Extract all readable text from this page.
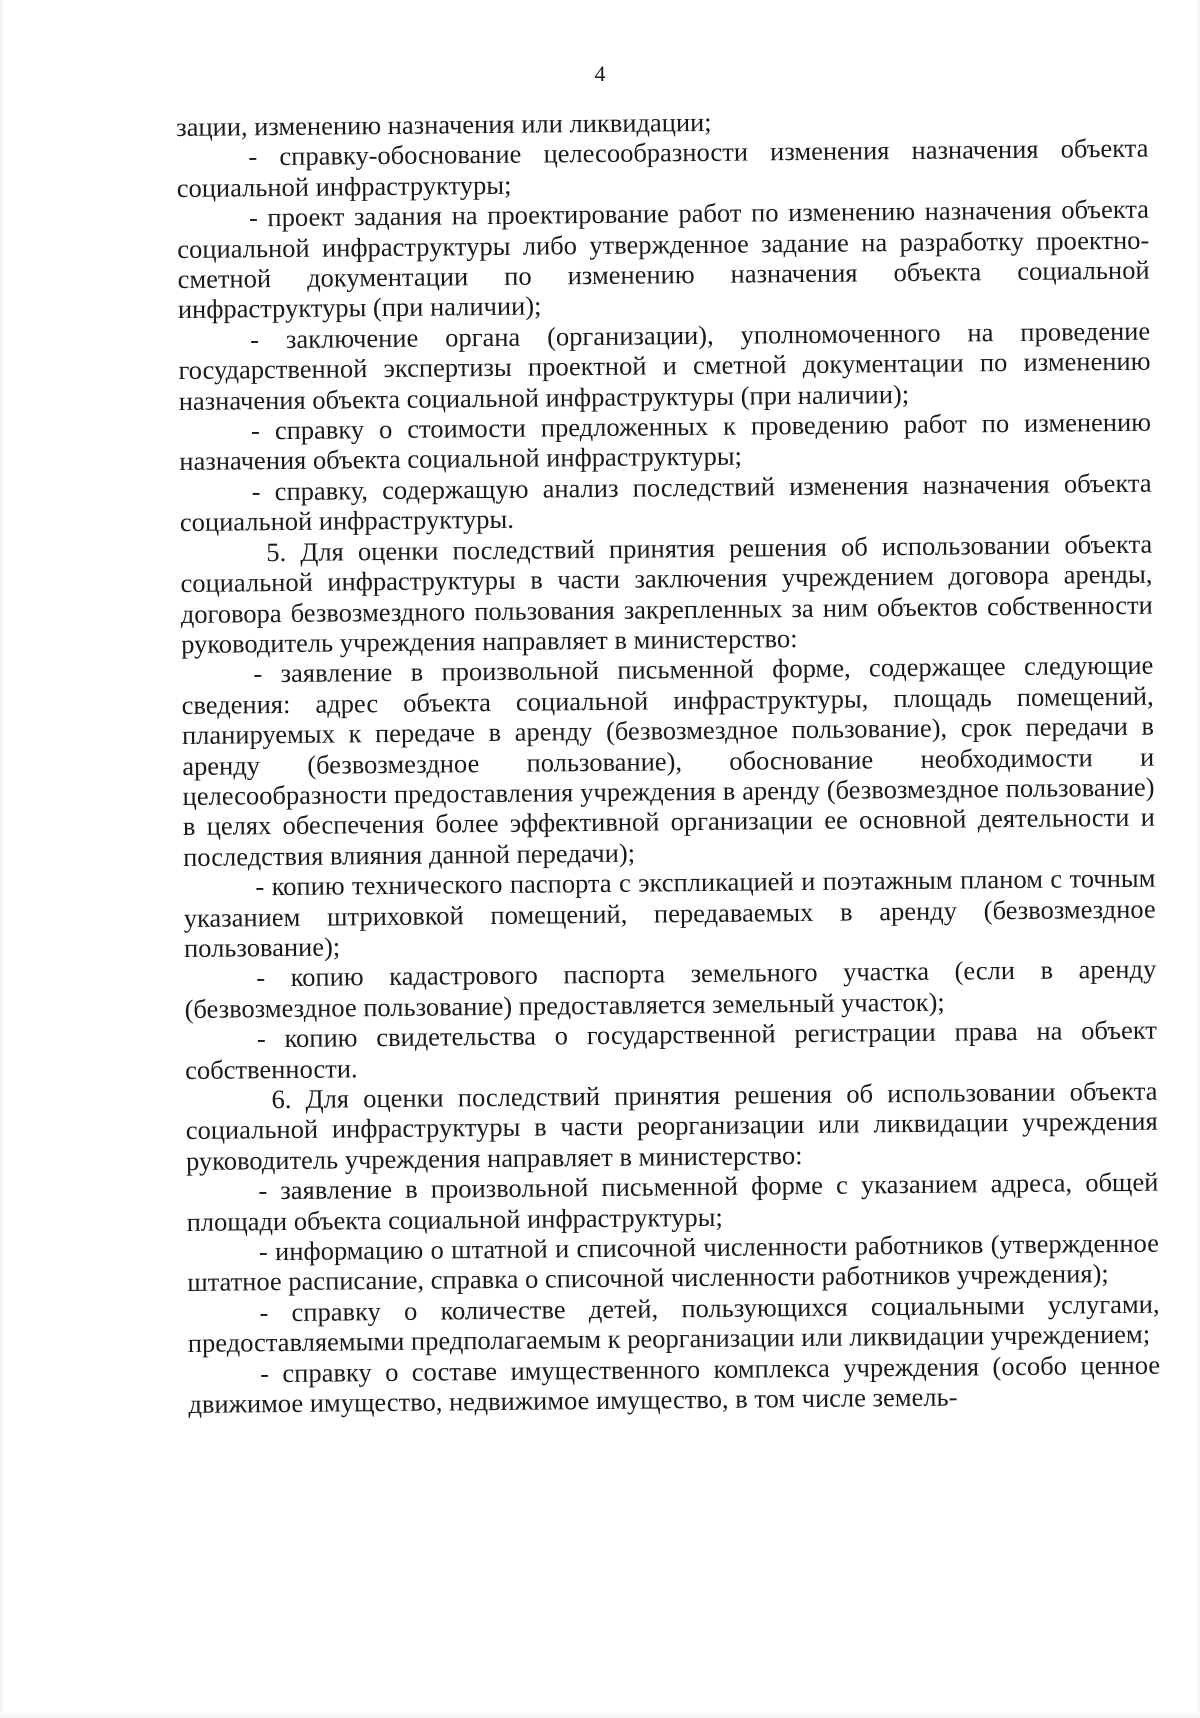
4

зации, изменению назначения или ликвидации;

- справку-обоснование целесообразности изменения назначения объекта социальной инфраструктуры;

- проект задания на проектирование работ по изменению назначения объекта социальной инфраструктуры либо утвержденное задание на разработку проектно-сметной документации по изменению назначения объекта социальной инфраструктуры (при наличии);

- заключение органа (организации), уполномоченного на проведение государственной экспертизы проектной и сметной документации по изменению назначения объекта социальной инфраструктуры (при наличии);

- справку о стоимости предложенных к проведению работ по изменению назначения объекта социальной инфраструктуры;

- справку, содержащую анализ последствий изменения назначения объекта социальной инфраструктуры.

5. Для оценки последствий принятия решения об использовании объекта социальной инфраструктуры в части заключения учреждением договора аренды, договора безвозмездного пользования закрепленных за ним объектов собственности руководитель учреждения направляет в министерство:

- заявление в произвольной письменной форме, содержащее следующие сведения: адрес объекта социальной инфраструктуры, площадь помещений, планируемых к передаче в аренду (безвозмездное пользование), срок передачи в аренду (безвозмездное пользование), обоснование необходимости и целесообразности предоставления учреждения в аренду (безвозмездное пользование) в целях обеспечения более эффективной организации ее основной деятельности и последствия влияния данной передачи);

- копию технического паспорта с экспликацией и поэтажным планом с точным указанием штриховкой помещений, передаваемых в аренду (безвозмездное пользование);

- копию кадастрового паспорта земельного участка (если в аренду (безвозмездное пользование) предоставляется земельный участок);

- копию свидетельства о государственной регистрации права на объект собственности.

6. Для оценки последствий принятия решения об использовании объекта социальной инфраструктуры в части реорганизации или ликвидации учреждения руководитель учреждения направляет в министерство:

- заявление в произвольной письменной форме с указанием адреса, общей площади объекта социальной инфраструктуры;

- информацию о штатной и списочной численности работников (утвержденное штатное расписание, справка о списочной численности работников учреждения);

- справку о количестве детей, пользующихся социальными услугами, предоставляемыми предполагаемым к реорганизации или ликвидации учреждением;

- справку о составе имущественного комплекса учреждения (особо ценное движимое имущество, недвижимое имущество, в том числе земель-
